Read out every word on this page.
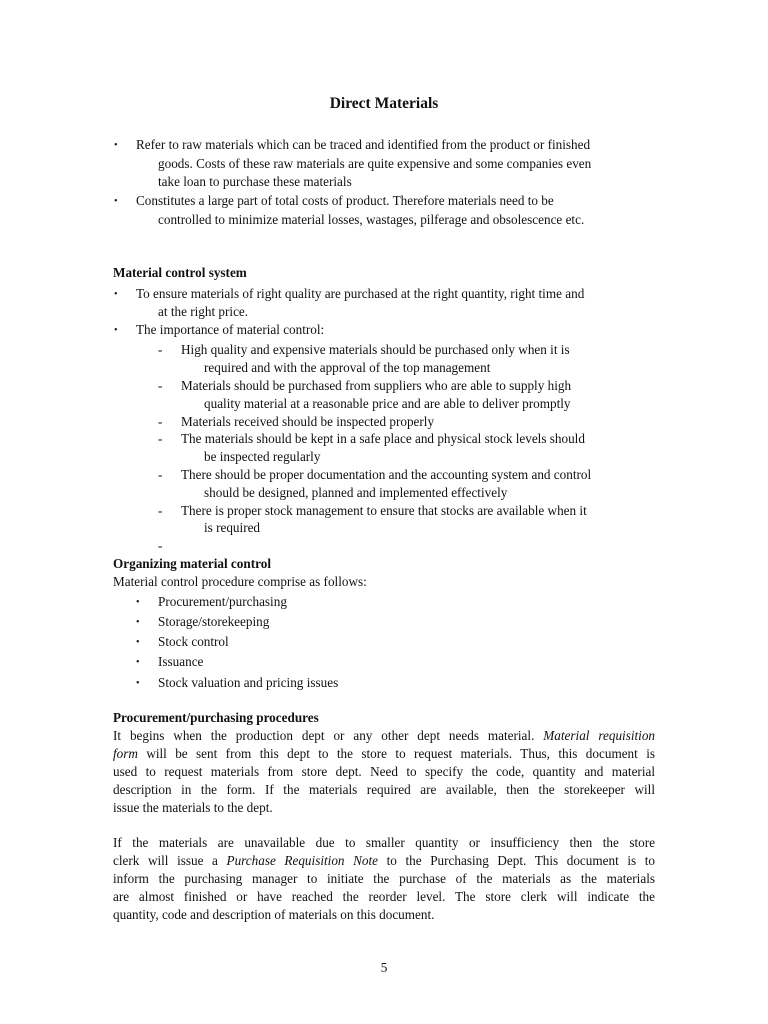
Direct Materials
• Refer to raw materials which can be traced and identified from the product or finished
goods. Costs of these raw materials are quite expensive and some companies even
take loan to purchase these materials
• Constitutes a large part of total costs of product. Therefore materials need to be
controlled to minimize material losses, wastages, pilferage and obsolescence etc.
Material control system
• To ensure materials of right quality are purchased at the right quantity, right time and
at the right price.
• The importance of material control:
- High quality and expensive materials should be purchased only when it is
required and with the approval of the top management
- Materials should be purchased from suppliers who are able to supply high
quality material at a reasonable price and are able to deliver promptly
- Materials received should be inspected properly
- The materials should be kept in a safe place and physical stock levels should
be inspected regularly
- There should be proper documentation and the accounting system and control
should be designed, planned and implemented effectively
- There is proper stock management to ensure that stocks are available when it
is required
-
Organizing material control
Material control procedure comprise as follows:
• Procurement/purchasing
• Storage/storekeeping
• Stock control
• Issuance
• Stock valuation and pricing issues
Procurement/purchasing procedures
It begins when the production dept or any other dept needs material. Material requisition
form will be sent from this dept to the store to request materials. Thus, this document is
used to request materials from store dept. Need to specify the code, quantity and material
description in the form. If the materials required are available, then the storekeeper will
issue the materials to the dept.
If the materials are unavailable due to smaller quantity or insufficiency then the store
clerk will issue a Purchase Requisition Note to the Purchasing Dept. This document is to
inform the purchasing manager to initiate the purchase of the materials as the materials
are almost finished or have reached the reorder level. The store clerk will indicate the
quantity, code and description of materials on this document.
5
